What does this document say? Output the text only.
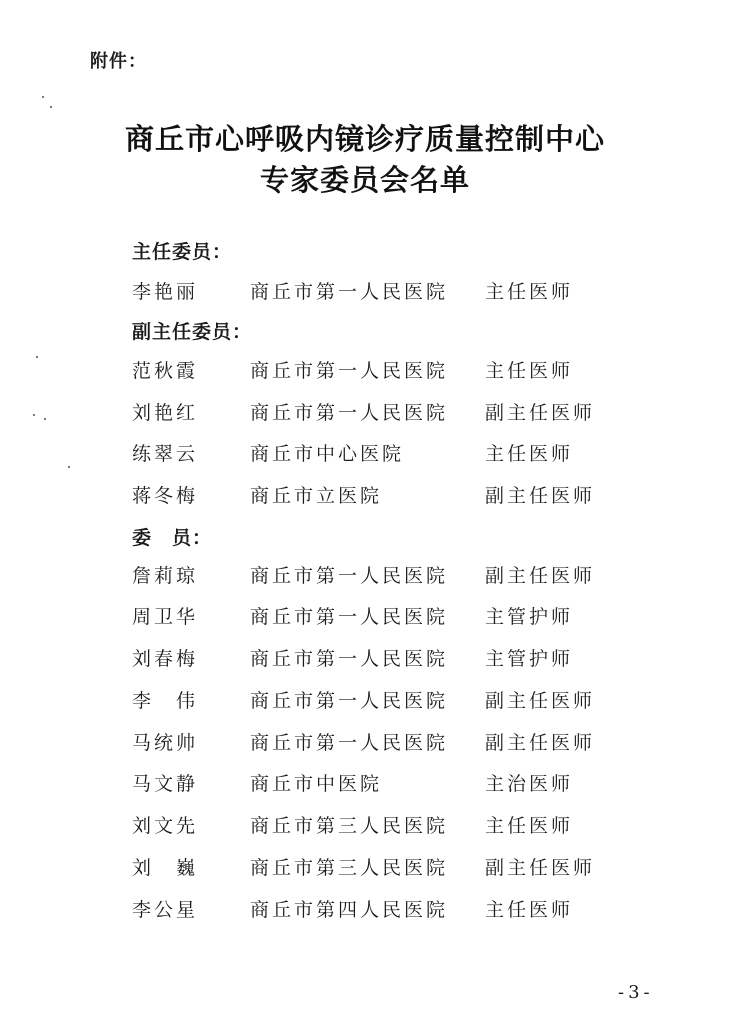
附件：
商丘市心呼吸内镜诊疗质量控制中心
专家委员会名单
主任委员：
李艳丽	商丘市第一人民医院 主任医师
副主任委员：
范秋霞	商丘市第一人民医院 主任医师
刘艳红	商丘市第一人民医院 副主任医师
练翠云	商丘市中心医院	主任医师
蒋冬梅	商丘市立医院	副主任医师
委　员：
詹莉琼	商丘市第一人民医院 副主任医师
周卫华	商丘市第一人民医院 主管护师
刘春梅	商丘市第一人民医院 主管护师
李　伟	商丘市第一人民医院 副主任医师
马统帅	商丘市第一人民医院 副主任医师
马文静	商丘市中医院	主治医师
刘文先	商丘市第三人民医院 主任医师
刘　巍	商丘市第三人民医院 副主任医师
李公星	商丘市第四人民医院 主任医师
-3-
